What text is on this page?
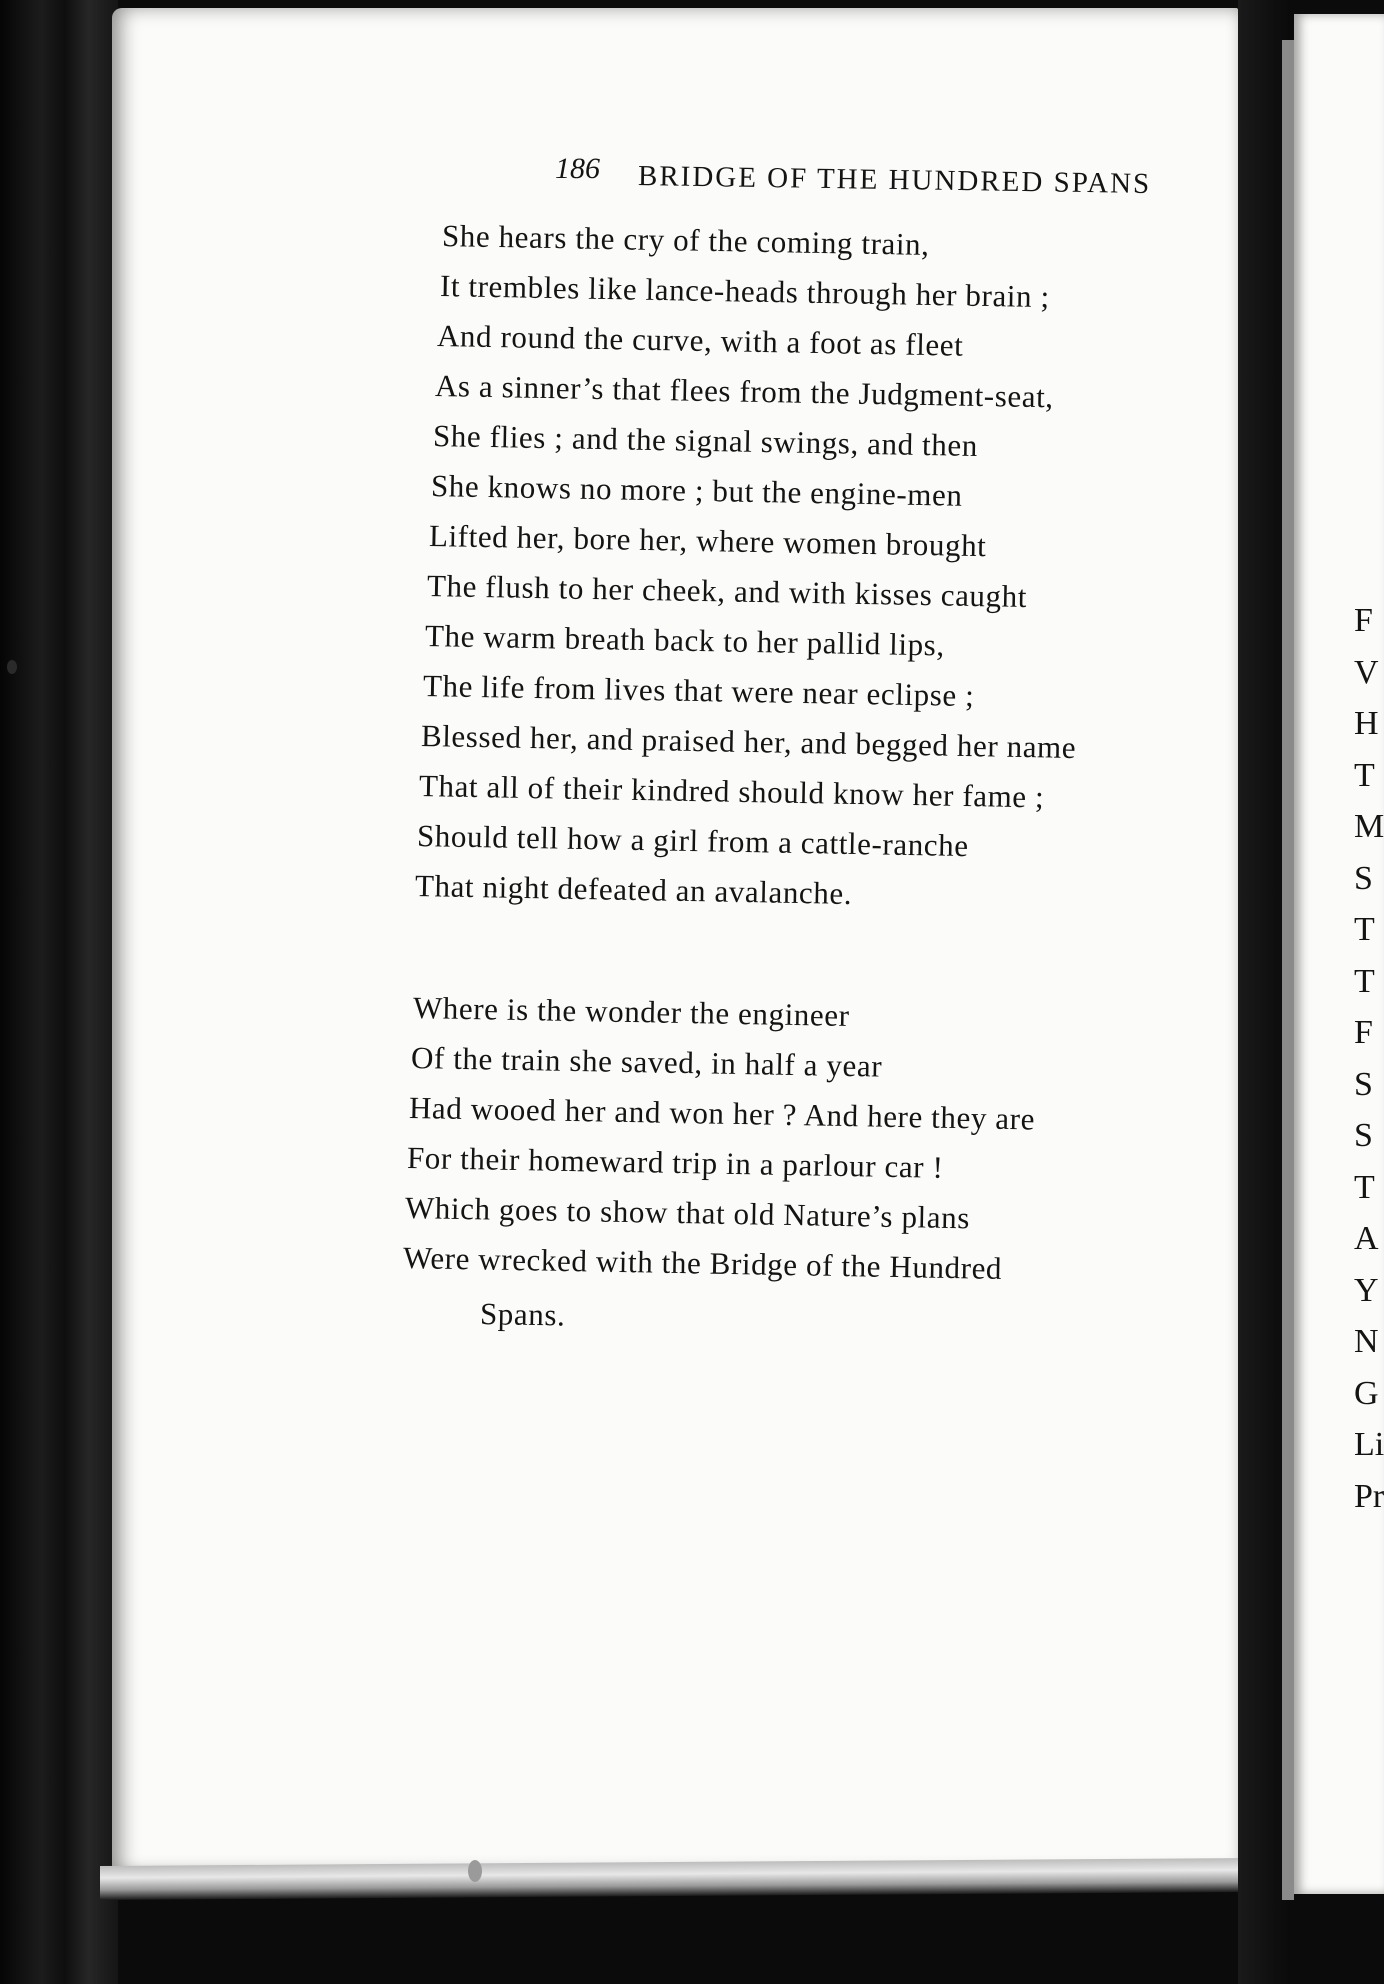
186 BRIDGE OF THE HUNDRED SPANS
She hears the cry of the coming train,
It trembles like lance-heads through her brain ;
And round the curve, with a foot as fleet
As a sinner’s that flees from the Judgment-seat,
She flies ; and the signal swings, and then
She knows no more ; but the engine-men
Lifted her, bore her, where women brought
The flush to her cheek, and with kisses caught
The warm breath back to her pallid lips,
The life from lives that were near eclipse ;
Blessed her, and praised her, and begged her name
That all of their kindred should know her fame ;
Should tell how a girl from a cattle-ranche
That night defeated an avalanche.
Where is the wonder the engineer
Of the train she saved, in half a year
Had wooed her and won her ? And here they are
For their homeward trip in a parlour car !
Which goes to show that old Nature’s plans
Were wrecked with the Bridge of the Hundred
Spans.
F
V
H
T
M
S
T
T
F
S
S
T
A
Y
N
G
Li
Pr
